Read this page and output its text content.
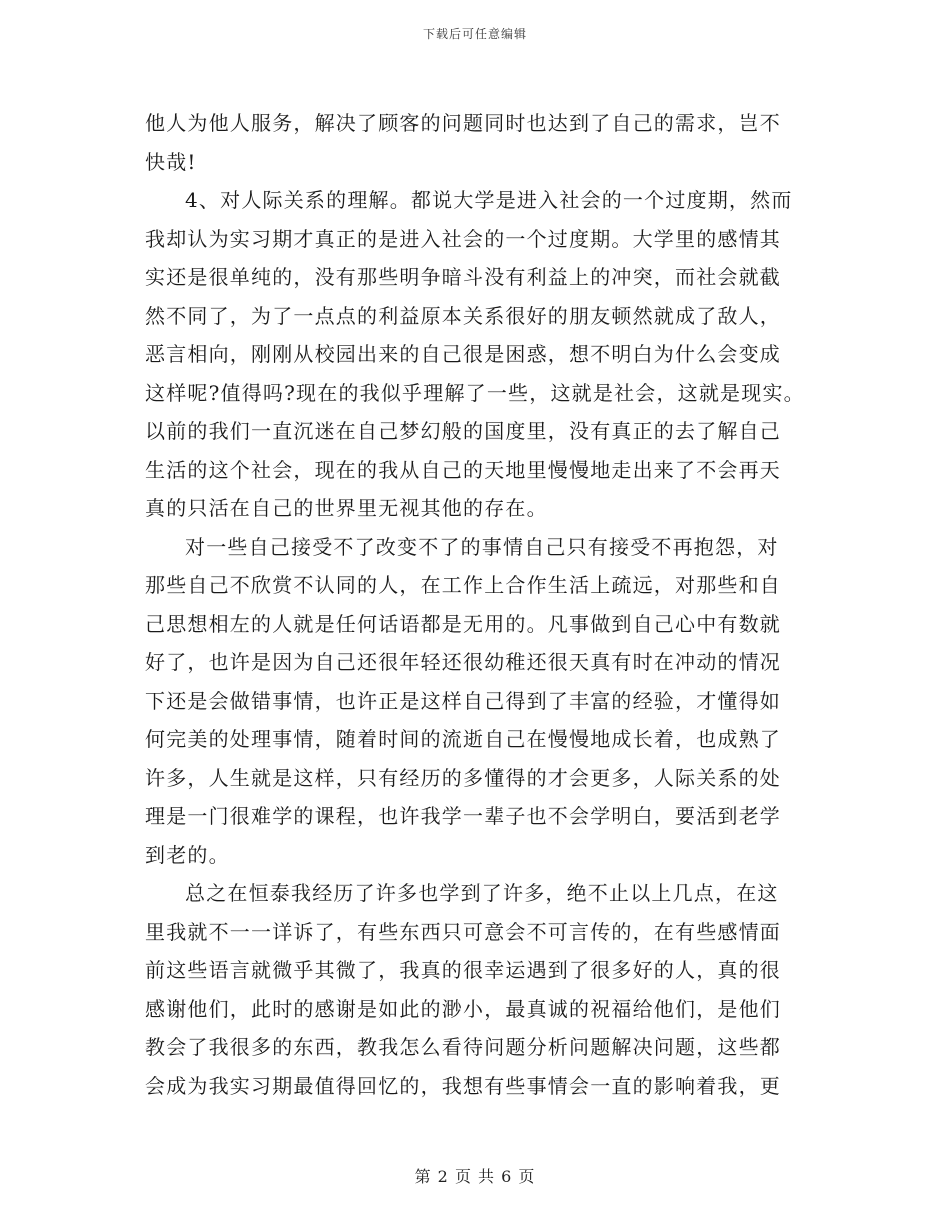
下载后可任意编辑
他人为他人服务，解决了顾客的问题同时也达到了自己的需求，岂不
快哉!
4、对人际关系的理解。都说大学是进入社会的一个过度期，然而
我却认为实习期才真正的是进入社会的一个过度期。大学里的感情其
实还是很单纯的，没有那些明争暗斗没有利益上的冲突，而社会就截
然不同了，为了一点点的利益原本关系很好的朋友顿然就成了敌人，
恶言相向，刚刚从校园出来的自己很是困惑，想不明白为什么会变成
这样呢?值得吗?现在的我似乎理解了一些，这就是社会，这就是现实。
以前的我们一直沉迷在自己梦幻般的国度里，没有真正的去了解自己
生活的这个社会，现在的我从自己的天地里慢慢地走出来了不会再天
真的只活在自己的世界里无视其他的存在。
对一些自己接受不了改变不了的事情自己只有接受不再抱怨，对
那些自己不欣赏不认同的人，在工作上合作生活上疏远，对那些和自
己思想相左的人就是任何话语都是无用的。凡事做到自己心中有数就
好了，也许是因为自己还很年轻还很幼稚还很天真有时在冲动的情况
下还是会做错事情，也许正是这样自己得到了丰富的经验，才懂得如
何完美的处理事情，随着时间的流逝自己在慢慢地成长着，也成熟了
许多，人生就是这样，只有经历的多懂得的才会更多，人际关系的处
理是一门很难学的课程，也许我学一辈子也不会学明白，要活到老学
到老的。
总之在恒泰我经历了许多也学到了许多，绝不止以上几点，在这
里我就不一一详诉了，有些东西只可意会不可言传的，在有些感情面
前这些语言就微乎其微了，我真的很幸运遇到了很多好的人，真的很
感谢他们，此时的感谢是如此的渺小，最真诚的祝福给他们，是他们
教会了我很多的东西，教我怎么看待问题分析问题解决问题，这些都
会成为我实习期最值得回忆的，我想有些事情会一直的影响着我，更
第 2 页 共 6 页
